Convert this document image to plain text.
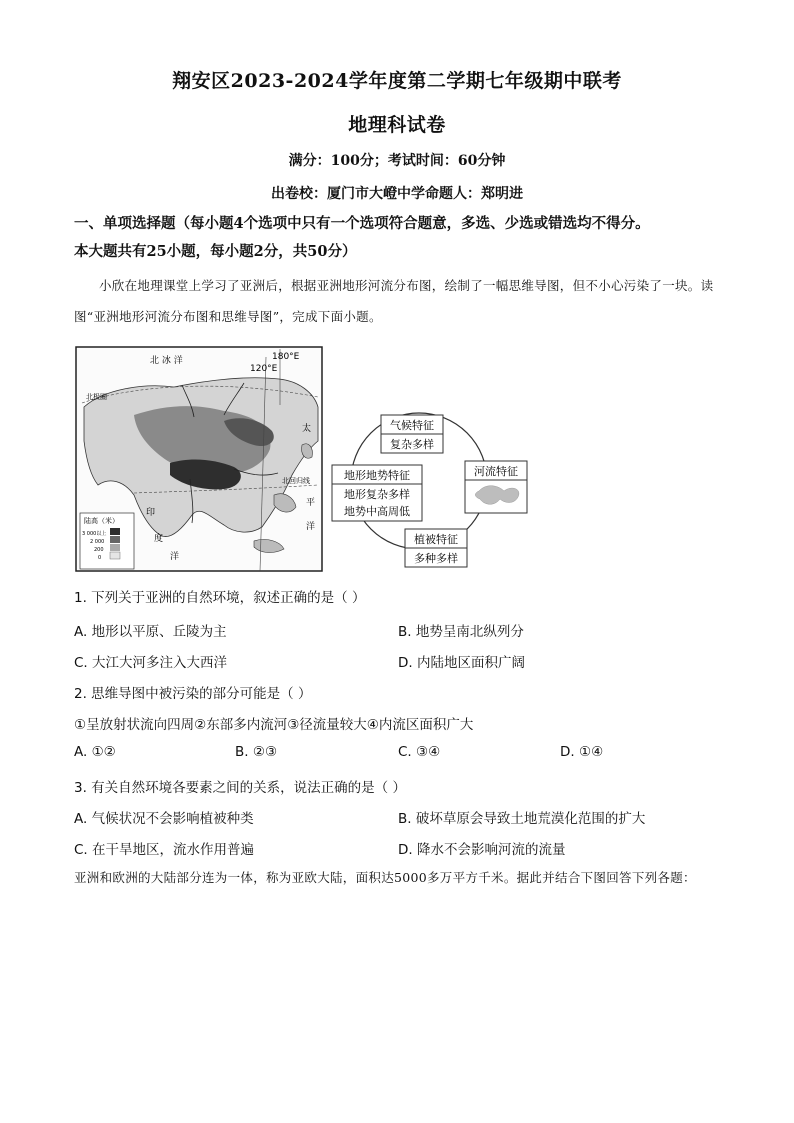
翔安区2023-2024学年度第二学期七年级期中联考
地理科试卷
满分：100分；考试时间：60分钟
出卷校：厦门市大嶝中学命题人：郑明进
一、单项选择题（每小题4个选项中只有一个选项符合题意，多选、少选或错选均不得分。
本大题共有25小题，每小题2分，共50分）
小欣在地理课堂上学习了亚洲后，根据亚洲地形河流分布图，绘制了一幅思维导图，但不小心污染了一块。读图“亚洲地形河流分布图和思维导图”，完成下面小题。
180°E
120°E
北 冰 洋
北极圈
北回归线
太
平
洋
印
度
洋
陆高（米）
3 000以上
2 000
200
0
气候特征
复杂多样
地形地势特征
地形复杂多样
地势中高周低
河流特征
植被特征
多种多样
1. 下列关于亚洲的自然环境，叙述正确的是（ ）
A. 地形以平原、丘陵为主	B. 地势呈南北纵列分
C. 大江大河多注入大西洋	D. 内陆地区面积广阔
2. 思维导图中被污染的部分可能是（ ）
①呈放射状流向四周②东部多内流河③径流量较大④内流区面积广大
A. ①②	B. ②③	C. ③④	D. ①④
3. 有关自然环境各要素之间的关系，说法正确的是（ ）
A. 气候状况不会影响植被种类	B. 破坏草原会导致土地荒漠化范围的扩大
C. 在干旱地区，流水作用普遍	D. 降水不会影响河流的流量
亚洲和欧洲的大陆部分连为一体，称为亚欧大陆，面积达5000多万平方千米。据此并结合下图回答下列各题：
